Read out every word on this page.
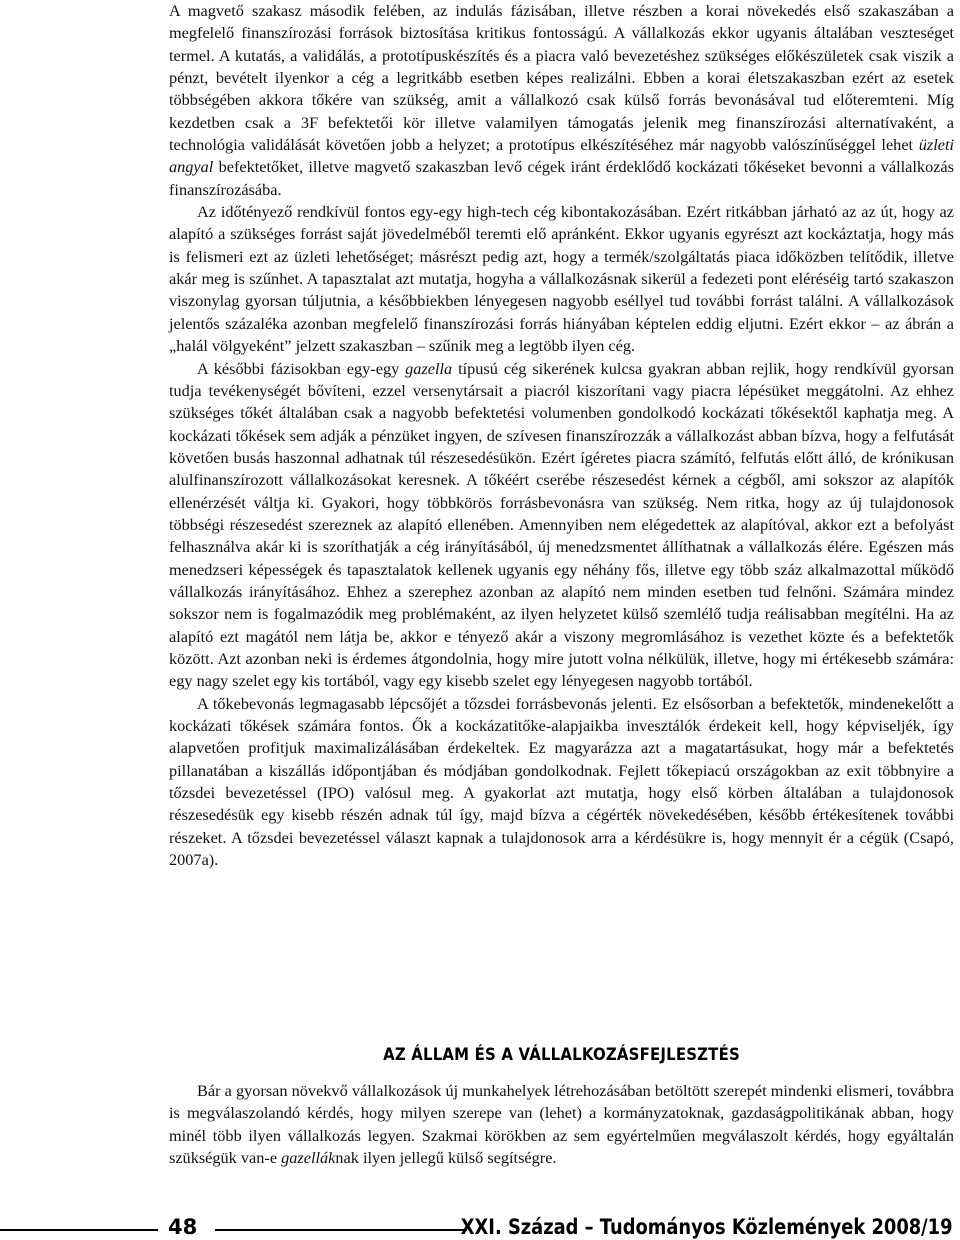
A magvető szakasz második felében, az indulás fázisában, illetve részben a korai növekedés első szakaszában a megfelelő finanszírozási források biztosítása kritikus fontosságú. A vállalkozás ekkor ugyanis általában veszteséget termel. A kutatás, a validálás, a prototípuskészítés és a piacra való bevezetéshez szükséges előkészületek csak viszik a pénzt, bevételt ilyenkor a cég a legritkább esetben képes realizálni. Ebben a korai életszakaszban ezért az esetek többségében akkora tőkére van szükség, amit a vállalkozó csak külső forrás bevonásával tud előteremteni. Míg kezdetben csak a 3F befektetői kör illetve valamilyen támogatás jelenik meg finanszírozási alternatívaként, a technológia validálását követően jobb a helyzet; a prototípus elkészítéséhez már nagyobb valószínűséggel lehet üzleti angyal befektetőket, illetve magvető szakaszban levő cégek iránt érdeklődő kockázati tőkéseket bevonni a vállalkozás finanszírozásába.

Az időtényező rendkívül fontos egy-egy high-tech cég kibontakozásában. Ezért ritkábban járható az az út, hogy az alapító a szükséges forrást saját jövedelméből teremti elő apránként. Ekkor ugyanis egyrészt azt kockáztatja, hogy más is felismeri ezt az üzleti lehetőséget; másrészt pedig azt, hogy a termék/szolgáltatás piaca időközben telítődik, illetve akár meg is szűnhet. A tapasztalat azt mutatja, hogyha a vállalkozásnak sikerül a fedezeti pont eléréséig tartó szakaszon viszonylag gyorsan túljutnia, a későbbiekben lényegesen nagyobb eséllyel tud további forrást találni. A vállalkozások jelentős százaléka azonban megfelelő finanszírozási forrás hiányában képtelen eddig eljutni. Ezért ekkor – az ábrán a „halál völgyeként” jelzett szakaszban – szűnik meg a legtöbb ilyen cég.

A későbbi fázisokban egy-egy gazella típusú cég sikerének kulcsa gyakran abban rejlik, hogy rendkívül gyorsan tudja tevékenységét bővíteni, ezzel versenytársait a piacról kiszorítani vagy piacra lépésüket meggátolni. Az ehhez szükséges tőkét általában csak a nagyobb befektetési volumenben gondolkodó kockázati tőkésektől kaphatja meg. A kockázati tőkések sem adják a pénzüket ingyen, de szívesen finanszírozzák a vállalkozást abban bízva, hogy a felfutását követően busás haszonnal adhatnak túl részesedésükön. Ezért ígéretes piacra számító, felfutás előtt álló, de krónikusan alulfinanszírozott vállalkozásokat keresnek. A tőkéért cserébe részesedést kérnek a cégből, ami sokszor az alapítók ellenérzését váltja ki. Gyakori, hogy többkörös forrásbevonásra van szükség. Nem ritka, hogy az új tulajdonosok többségi részesedést szereznek az alapító ellenében. Amennyiben nem elégedettek az alapítóval, akkor ezt a befolyást felhasználva akár ki is szoríthatják a cég irányításából, új menedzsmentet állíthatnak a vállalkozás élére. Egészen más menedzseri képességek és tapasztalatok kellenek ugyanis egy néhány fős, illetve egy több száz alkalmazottal működő vállalkozás irányításához. Ehhez a szerephez azonban az alapító nem minden esetben tud felnőni. Számára mindez sokszor nem is fogalmazódik meg problémaként, az ilyen helyzetet külső szemlélő tudja reálisabban megítélni. Ha az alapító ezt magától nem látja be, akkor e tényező akár a viszony megromlásához is vezethet közte és a befektetők között. Azt azonban neki is érdemes átgondolnia, hogy mire jutott volna nélkülük, illetve, hogy mi értékesebb számára: egy nagy szelet egy kis tortából, vagy egy kisebb szelet egy lényegesen nagyobb tortából.

A tőkebevonás legmagasabb lépcsőjét a tőzsdei forrásbevonás jelenti. Ez elsősorban a befektetők, mindenekelőtt a kockázati tőkések számára fontos. Ők a kockázatitőke-alapjaikba invesztálók érdekeit kell, hogy képviseljék, így alapvetően profitjuk maximalizálásában érdekeltek. Ez magyarázza azt a magatartásukat, hogy már a befektetés pillanatában a kiszállás időpontjában és módjában gondolkodnak. Fejlett tőkepiacú országokban az exit többnyire a tőzsdei bevezetéssel (IPO) valósul meg. A gyakorlat azt mutatja, hogy első körben általában a tulajdonosok részesedésük egy kisebb részén adnak túl így, majd bízva a cégérték növekedésében, később értékesítenek további részeket. A tőzsdei bevezetéssel választ kapnak a tulajdonosok arra a kérdésükre is, hogy mennyit ér a cégük (Csapó, 2007a).

AZ ÁLLAM ÉS A VÁLLALKOZÁSFEJLESZTÉS

Bár a gyorsan növekvő vállalkozások új munkahelyek létrehozásában betöltött szerepét mindenki elismeri, továbbra is megválaszolandó kérdés, hogy milyen szerepe van (lehet) a kormányzatoknak, gazdaságpolitikának abban, hogy minél több ilyen vállalkozás legyen. Szakmai körökben az sem egyértelműen megválaszolt kérdés, hogy egyáltalán szükségük van-e gazelláknak ilyen jellegű külső segítségre.

48	XXI. Század – Tudományos Közlemények 2008/19
